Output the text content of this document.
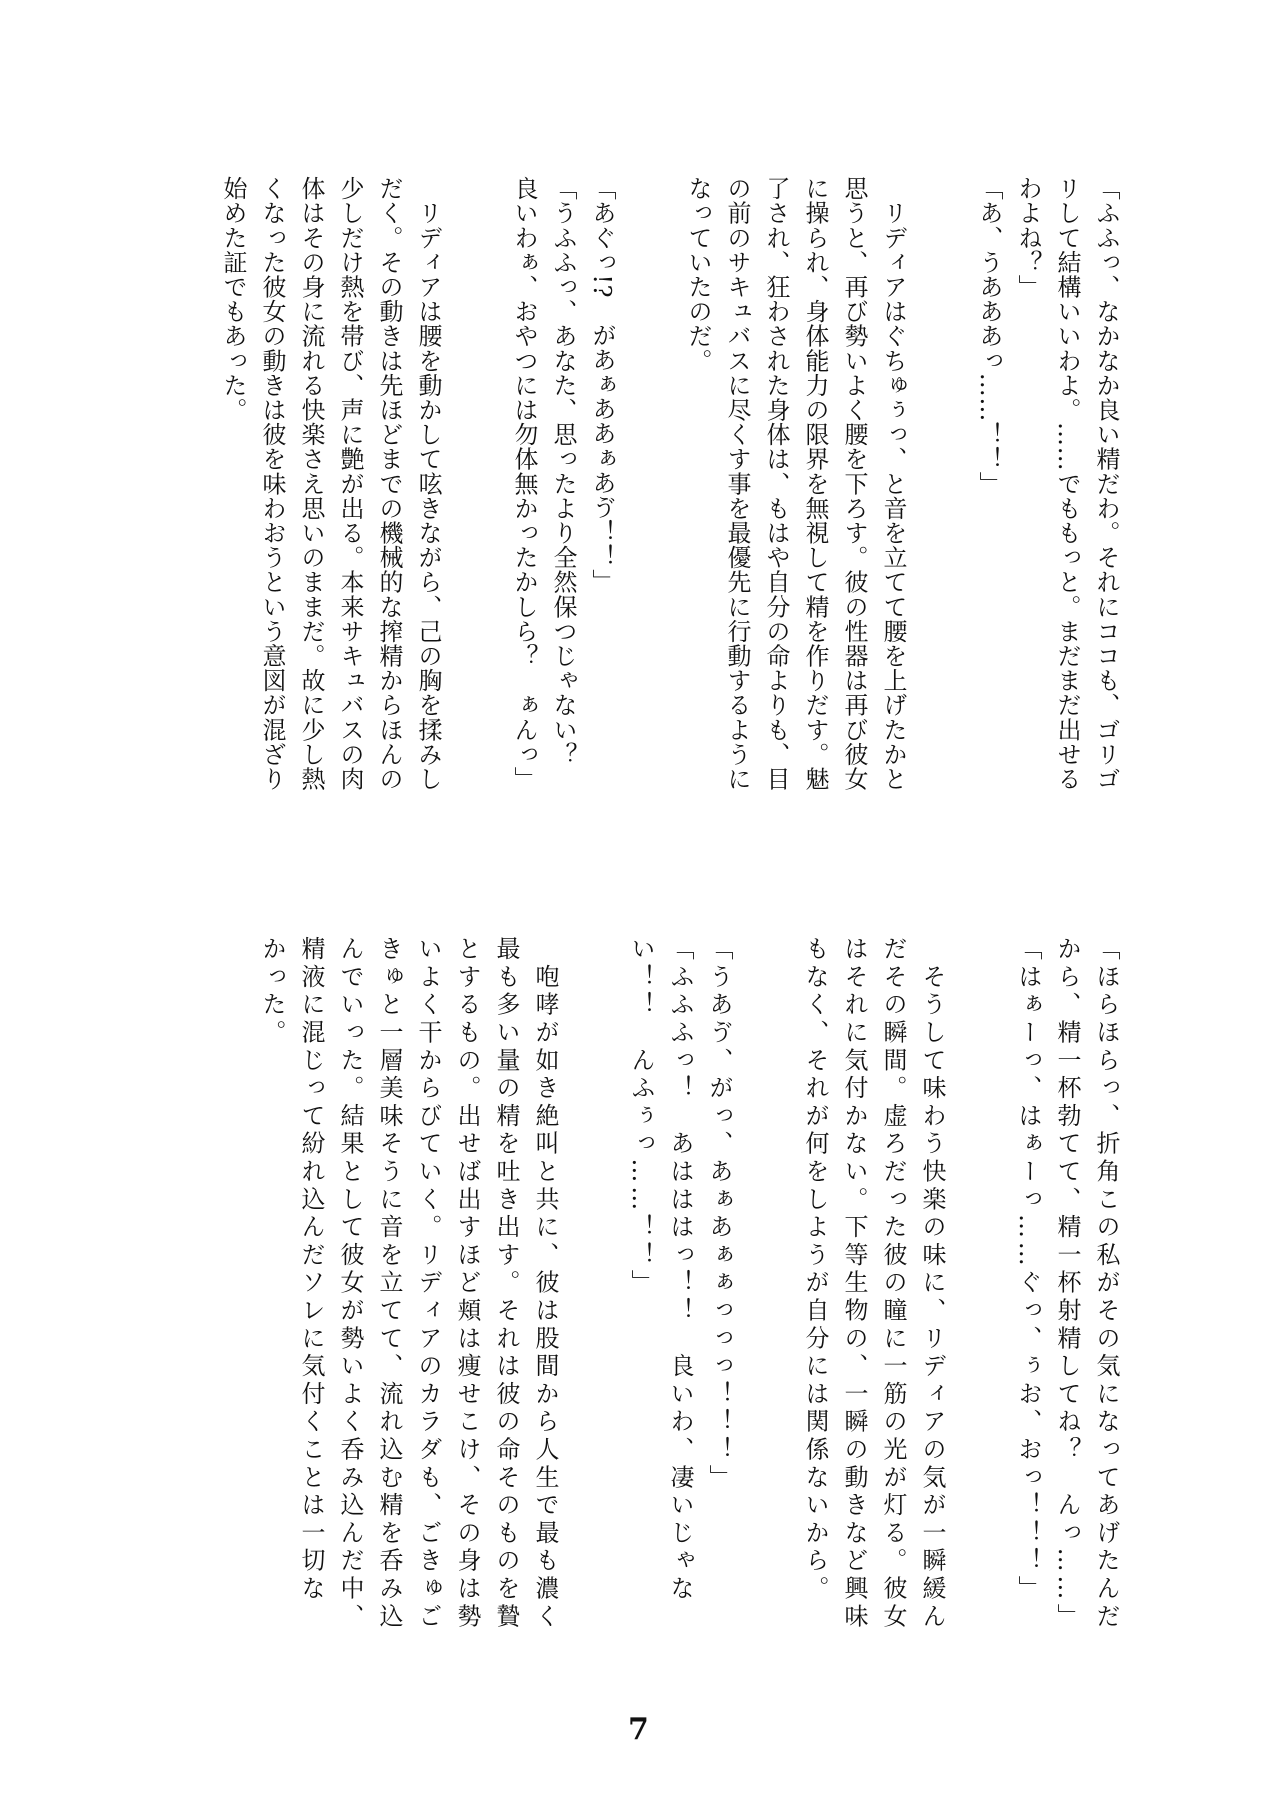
「ふふっ、なかなか良い精だわ。それにココも、ゴリゴ
リして結構いいわよ。……でももっと。まだまだ出せる
わよね？」
「あ、うあああっ……！！」
　リディアはぐちゅぅっ、と音を立てて腰を上げたかと
思うと、再び勢いよく腰を下ろす。彼の性器は再び彼女
に操られ、身体能力の限界を無視して精を作りだす。魅
了され、狂わされた身体は、もはや自分の命よりも、目
の前のサキュバスに尽くす事を最優先に行動するように
なっていたのだ。
「あぐっ!?　があぁああぁあゔ！！」
「うふふっ、あなた、思ったより全然保つじゃない？
良いわぁ、おやつには勿体無かったかしら？　ぁんっ」
　リディアは腰を動かして呟きながら、己の胸を揉みし
だく。その動きは先ほどまでの機械的な搾精からほんの
少しだけ熱を帯び、声に艶が出る。本来サキュバスの肉
体はその身に流れる快楽さえ思いのままだ。故に少し熱
くなった彼女の動きは彼を味わおうという意図が混ざり
始めた証でもあった。
「ほらほらっ、折角この私がその気になってあげたんだ
から、精一杯勃てて、精一杯射精してね？　んっ……」
「はぁーっ、はぁーっ……ぐっ、ぅお、おっ！！！」
　そうして味わう快楽の味に、リディアの気が一瞬緩ん
だその瞬間。虚ろだった彼の瞳に一筋の光が灯る。彼女
はそれに気付かない。下等生物の、一瞬の動きなど興味
もなく、それが何をしようが自分には関係ないから。
「うあゔ、がっ、あぁあぁぁっっっ！！！」
「ふふふっ！　あはははっ！！　良いわ、凄いじゃな
い！！　んふぅっ……！！」
　咆哮が如き絶叫と共に、彼は股間から人生で最も濃く
最も多い量の精を吐き出す。それは彼の命そのものを贄
とするもの。出せば出すほど頬は痩せこけ、その身は勢
いよく干からびていく。リディアのカラダも、ごきゅご
きゅと一層美味そうに音を立てて、流れ込む精を呑み込
んでいった。結果として彼女が勢いよく呑み込んだ中、
精液に混じって紛れ込んだソレに気付くことは一切な
かった。
7
